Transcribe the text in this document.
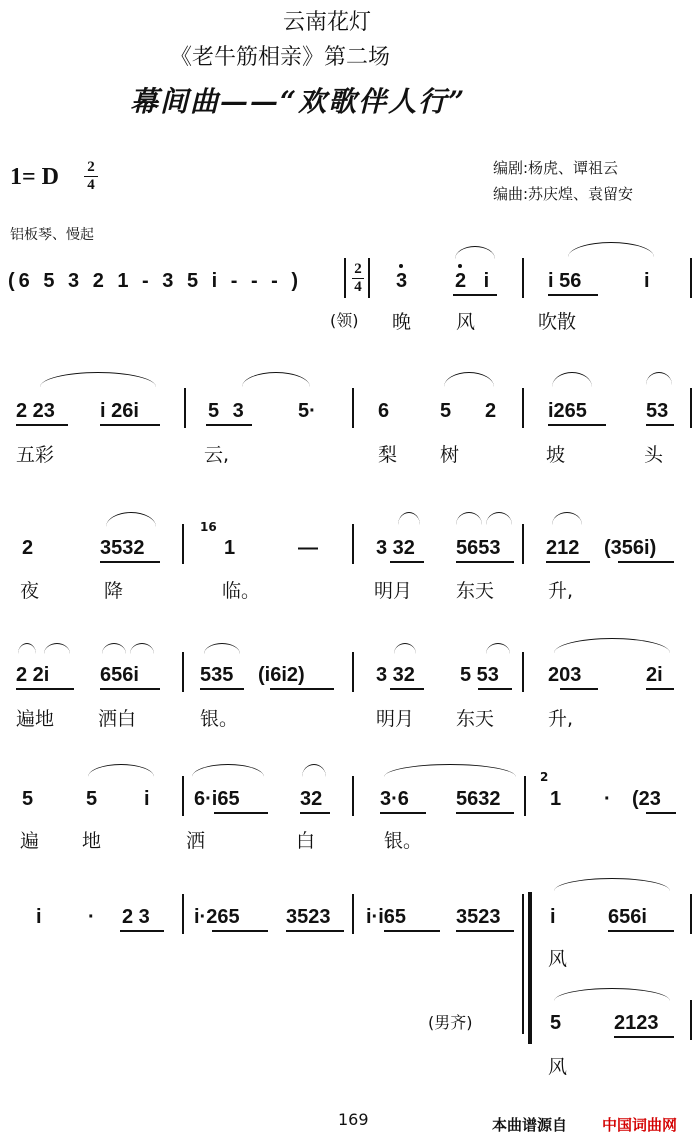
云南花灯
《老牛筋相亲》第二场
幕间曲——“欢歌伴人行”
编剧:杨虎、谭祖云
编曲:苏庆煌、袁留安
1= D 2
4
铝板琴、慢起
(6 5 3 2 1 - 3 5 i - - - )
2
4 3 2 i	i 56	i
(领) 晚 风	吹散
2 23 i 26i	5 3	5·	6	5 2	i265	53
五彩	云,	梨 树	坡	头
2	3532
16
1	—	3 32 5653 212 (356i)
夜	降	临。	明月 东天	升,
2 2i	656i	535 (i6i2)	3 32 5 53 203	2i
遍地 洒白	银。	明月 东天	升,
5	5 i 6·i65	32	3·6 5632
2
1 · (23
遍 地	洒	白	银。
i · 2 3 i·265 3523 i·i65 3523 i	656i
风
(男齐)	5	2123
风
169	本曲谱源自 中国词曲网
